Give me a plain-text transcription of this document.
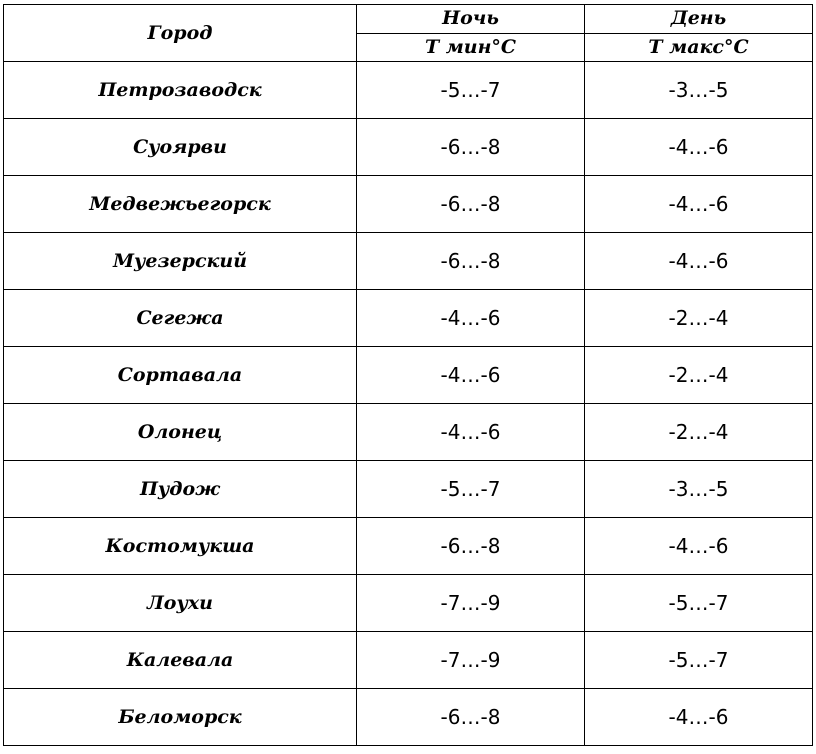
Город	Ночь	День
	Т мин°С	Т макс°С
Петрозаводск	-5…-7	-3…-5
Суоярви	-6…-8	-4…-6
Медвежьегорск	-6…-8	-4…-6
Муезерский	-6…-8	-4…-6
Сегежа	-4…-6	-2…-4
Сортавала	-4…-6	-2…-4
Олонец	-4…-6	-2…-4
Пудож	-5…-7	-3…-5
Костомукша	-6…-8	-4…-6
Лоухи	-7…-9	-5…-7
Калевала	-7…-9	-5…-7
Беломорск	-6…-8	-4…-6
